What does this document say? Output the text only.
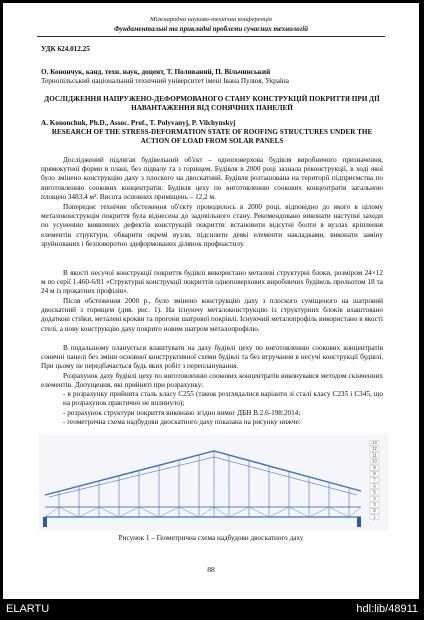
Міжнародна науково-технічна конференція
Фундаментальні та прикладні проблеми сучасних технологій
УДК 624.012.25
О. Конончук, канд. техн. наук, доцент, Т. Поливаний, П. Вільчинський
Тернопільський національний технічний університет імені Івана Пулюя, Україна
ДОСЛІДЖЕННЯ НАПРУЖЕНО-ДЕФОРМОВАНОГО СТАНУ КОНСТРУКЦІЙ ПОКРИТТЯ ПРИ ДІЇ НАВАНТАЖЕННЯ ВІД СОНЯЧНИХ ПАНЕЛЕЙ
A. Kononchuk, Ph.D., Assoc. Prof., T. Polyvanyj, P. Vilchynskyj
RESEARCH OF THE STRESS-DEFORMATION STATE OF ROOFING STRUCTURES UNDER THE ACTION OF LOAD FROM SOLAR PANELS
Досліджений підлягав будівельний об'єкт – одноповерхова будівля виробничого призначення, прямокутної форми в плані, без підвалу та з горищем. Будівля в 2000 році зазнала реконструкції, в ході якої було змінено конструкцію даху з плоского на двоскатний. Будівля розташована на території підприємства по виготовленню соокових концентратів. Будівля цеху по виготовленню соокових концентратів загальною площею 3483,4 м². Висота основних приміщень – 12,2 м.
Попереднє технічне обстеження об'єкту проводилось в 2000 році, відповідно до якого в цілому металоконструкція покриття була віднесена до задовільного стану. Рекомендовано виконати наступні заходи по усуненню виявлених дефектів конструкцій покриття: встановити відсутні болти в вузлах кріплення елементів структури, обварити окремі вузли, підсилити деякі елементи накладками, виконати заміну зруйнованих і безповоротно здеформованих ділянок профнастилу.
В якості несучої конструкції покриття будівлі використано металеві структурні блоки, розміром 24×12 м по серії 1.460-6/81 «Структурні конструкції покриттів одноповерхових виробничих будівель прольотом 18 та 24 м із прокатних профілів».
Після обстеження 2000 р., було змінено конструкцію даху з плоского суміщеного на шатровий двоскатний з горищем (див. рис. 1). На існуючу металоконструкцію із структурних блоків влаштовано додаткові стійки, металеві крокви та прогони шатрової покрівлі. Існуючий металопрофіль використано в якості стелі, а нову конструкцію даху покрито новим шатром металопрофілю.
В подальшому планується влаштувати на даху будівлі цеху по виготовленню соокових концентратів сонячні панелі без зміни основної конструктивної схеми будівлі та без втручання в несучі конструкції будівлі. При цьому не передбачається будь яких робіт з перепланування.
Розрахунок даху будівлі цеху по виготовленню соокових концентратів виконувався методом скінченних елементів. Допущення, які прийняті при розрахунку:
- в розрахунку прийнята сталь класу С255 (також розглядалися варіанти зі сталі класу С235 і С345, що на розрахунок практично не вплинуло);
- розрахунок структури покриття виконано згідно вимог ДБН В.2.6-198:2014;
- геометрична схема надбудови двоскатного даху показана на рисунку нижче:
13
12
11
10
9
8
7
6
5
4
3
2
1
Рисунок 1 – Геометрична схема надбудови двоскатного даху
88
ELARTU	hdl:lib/48911
